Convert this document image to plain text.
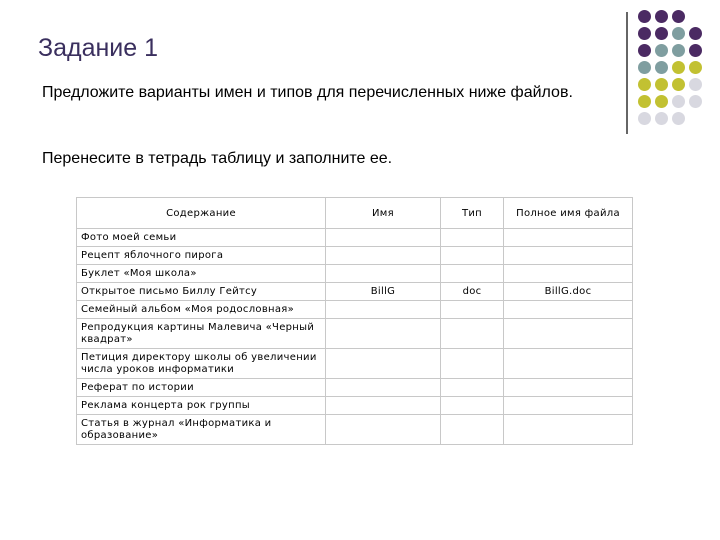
Задание 1
Предложите варианты имен и типов для перечисленных ниже файлов.
Перенесите в тетрадь таблицу и заполните ее.
Содержание	Имя	Тип	Полное имя файла
Фото моей семьи			
Рецепт яблочного пирога			
Буклет «Моя школа»			
Открытое письмо Биллу Гейтсу	BillG	doc	BillG.doc
Семейный альбом «Моя родословная»			
Репродукция картины Малевича «Черный квадрат»			
Петиция директору школы об увеличении числа уроков информатики			
Реферат по истории			
Реклама концерта рок группы			
Статья в журнал «Информатика и образование»			
